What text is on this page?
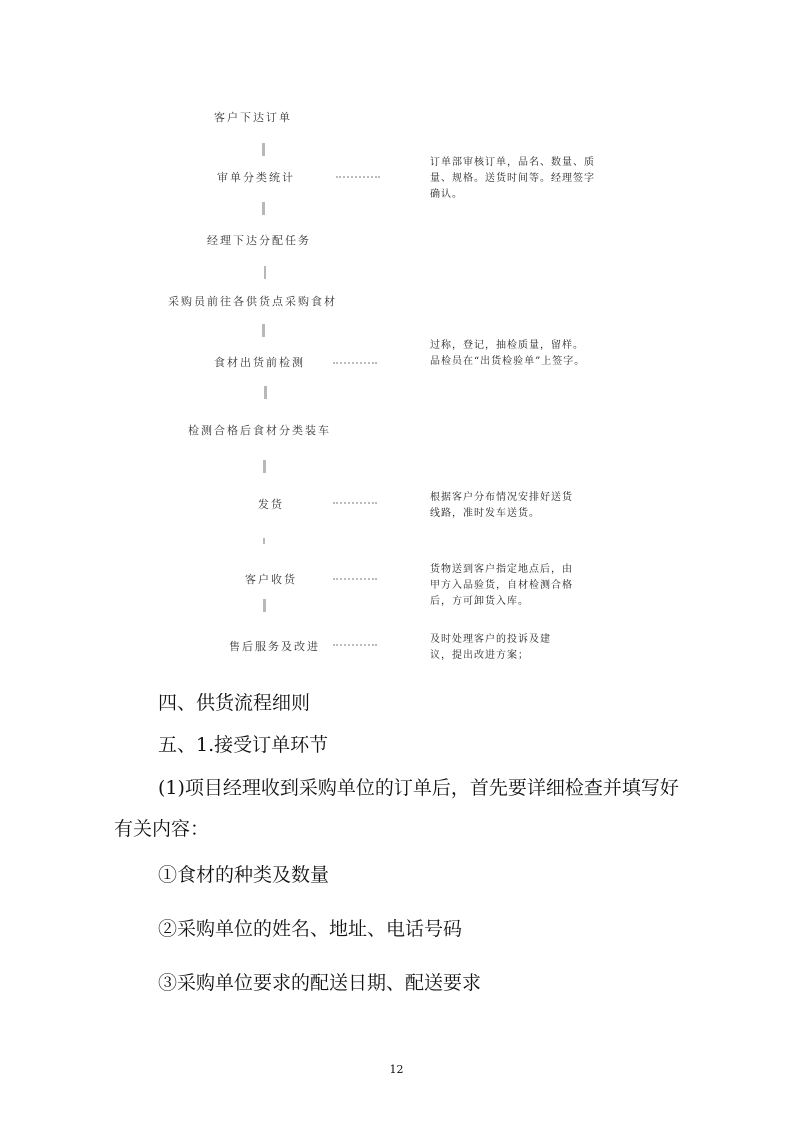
客户下达订单
审单分类统计
经理下达分配任务
采购员前往各供货点采购食材
食材出货前检测
检测合格后食材分类装车
发货
客户收货
售后服务及改进
订单部审核订单，品名、数量、质量、规格。送货时间等。经理签字确认。
过称，登记，抽检质量，留样。品检员在“出货检验单”上签字。
根据客户分布情况安排好送货线路，准时发车送货。
货物送到客户指定地点后，由甲方入品验货，自材检测合格后，方可卸货入库。
及时处理客户的投诉及建议，提出改进方案；
四、供货流程细则
五、1.接受订单环节
(1)项目经理收到采购单位的订单后，首先要详细检查并填写好
有关内容：
①食材的种类及数量
②采购单位的姓名、地址、电话号码
③采购单位要求的配送日期、配送要求
12
